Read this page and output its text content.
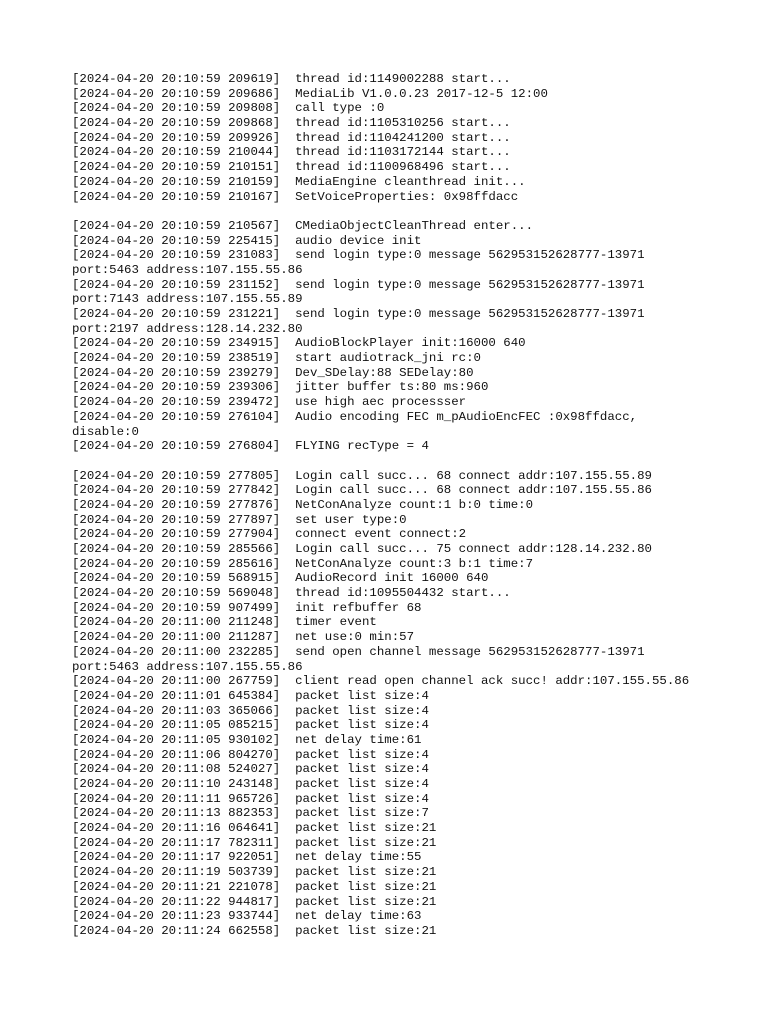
[2024-04-20 20:10:59 209619]  thread id:1149002288 start...
[2024-04-20 20:10:59 209686]  MediaLib V1.0.0.23 2017-12-5 12:00
[2024-04-20 20:10:59 209808]  call type :0
[2024-04-20 20:10:59 209868]  thread id:1105310256 start...
[2024-04-20 20:10:59 209926]  thread id:1104241200 start...
[2024-04-20 20:10:59 210044]  thread id:1103172144 start...
[2024-04-20 20:10:59 210151]  thread id:1100968496 start...
[2024-04-20 20:10:59 210159]  MediaEngine cleanthread init...
[2024-04-20 20:10:59 210167]  SetVoiceProperties: 0x98ffdacc
[2024-04-20 20:10:59 210567]  CMediaObjectCleanThread enter...
[2024-04-20 20:10:59 225415]  audio device init
[2024-04-20 20:10:59 231083]  send login type:0 message 562953152628777-13971
port:5463 address:107.155.55.86
[2024-04-20 20:10:59 231152]  send login type:0 message 562953152628777-13971
port:7143 address:107.155.55.89
[2024-04-20 20:10:59 231221]  send login type:0 message 562953152628777-13971
port:2197 address:128.14.232.80
[2024-04-20 20:10:59 234915]  AudioBlockPlayer init:16000 640
[2024-04-20 20:10:59 238519]  start audiotrack_jni rc:0
[2024-04-20 20:10:59 239279]  Dev_SDelay:88 SEDelay:80
[2024-04-20 20:10:59 239306]  jitter buffer ts:80 ms:960
[2024-04-20 20:10:59 239472]  use high aec processser
[2024-04-20 20:10:59 276104]  Audio encoding FEC m_pAudioEncFEC :0x98ffdacc,
disable:0
[2024-04-20 20:10:59 276804]  FLYING recType = 4
[2024-04-20 20:10:59 277805]  Login call succ... 68 connect addr:107.155.55.89
[2024-04-20 20:10:59 277842]  Login call succ... 68 connect addr:107.155.55.86
[2024-04-20 20:10:59 277876]  NetConAnalyze count:1 b:0 time:0
[2024-04-20 20:10:59 277897]  set user type:0
[2024-04-20 20:10:59 277904]  connect event connect:2
[2024-04-20 20:10:59 285566]  Login call succ... 75 connect addr:128.14.232.80
[2024-04-20 20:10:59 285616]  NetConAnalyze count:3 b:1 time:7
[2024-04-20 20:10:59 568915]  AudioRecord init 16000 640
[2024-04-20 20:10:59 569048]  thread id:1095504432 start...
[2024-04-20 20:10:59 907499]  init refbuffer 68
[2024-04-20 20:11:00 211248]  timer event
[2024-04-20 20:11:00 211287]  net use:0 min:57
[2024-04-20 20:11:00 232285]  send open channel message 562953152628777-13971
port:5463 address:107.155.55.86
[2024-04-20 20:11:00 267759]  client read open channel ack succ! addr:107.155.55.86
[2024-04-20 20:11:01 645384]  packet list size:4
[2024-04-20 20:11:03 365066]  packet list size:4
[2024-04-20 20:11:05 085215]  packet list size:4
[2024-04-20 20:11:05 930102]  net delay time:61
[2024-04-20 20:11:06 804270]  packet list size:4
[2024-04-20 20:11:08 524027]  packet list size:4
[2024-04-20 20:11:10 243148]  packet list size:4
[2024-04-20 20:11:11 965726]  packet list size:4
[2024-04-20 20:11:13 882353]  packet list size:7
[2024-04-20 20:11:16 064641]  packet list size:21
[2024-04-20 20:11:17 782311]  packet list size:21
[2024-04-20 20:11:17 922051]  net delay time:55
[2024-04-20 20:11:19 503739]  packet list size:21
[2024-04-20 20:11:21 221078]  packet list size:21
[2024-04-20 20:11:22 944817]  packet list size:21
[2024-04-20 20:11:23 933744]  net delay time:63
[2024-04-20 20:11:24 662558]  packet list size:21
